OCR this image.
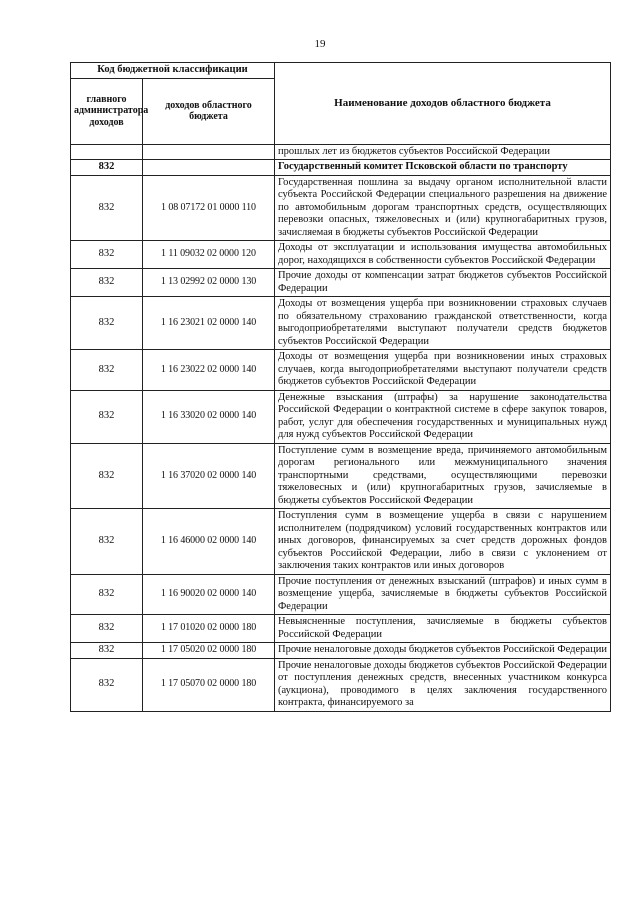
19
Код бюджетной классификации		Наименование доходов областного бюджета
главного администратора доходов	доходов областного бюджета	
		прошлых лет из бюджетов субъектов Российской Федерации
832		Государственный комитет Псковской области по транспорту
832	1 08 07172 01 0000 110	Государственная пошлина за выдачу органом исполнительной власти субъекта Российской Федерации специального разрешения на движение по автомобильным дорогам транспортных средств, осуществляющих перевозки опасных, тяжеловесных и (или) крупногабаритных грузов, зачисляемая в бюджеты субъектов Российской Федерации
832	1 11 09032 02 0000 120	Доходы от эксплуатации и использования имущества автомобильных дорог, находящихся в собственности субъектов Российской Федерации
832	1 13 02992 02 0000 130	Прочие доходы от компенсации затрат бюджетов субъектов Российской Федерации
832	1 16 23021 02 0000 140	Доходы от возмещения ущерба при возникновении страховых случаев по обязательному страхованию гражданской ответственности, когда выгодоприобретателями выступают получатели средств бюджетов субъектов Российской Федерации
832	1 16 23022 02 0000 140	Доходы от возмещения ущерба при возникновении иных страховых случаев, когда выгодоприобретателями выступают получатели средств бюджетов субъектов Российской Федерации
832	1 16 33020 02 0000 140	Денежные взыскания (штрафы) за нарушение законодательства Российской Федерации о контрактной системе в сфере закупок товаров, работ, услуг для обеспечения государственных и муниципальных нужд для нужд субъектов Российской Федерации
832	1 16 37020 02 0000 140	Поступление сумм в возмещение вреда, причиняемого автомобильным дорогам регионального или межмуниципального значения транспортными средствами, осуществляющими перевозки тяжеловесных и (или) крупногабаритных грузов, зачисляемые в бюджеты субъектов Российской Федерации
832	1 16 46000 02 0000 140	Поступления сумм в возмещение ущерба в связи с нарушением исполнителем (подрядчиком) условий государственных контрактов или иных договоров, финансируемых за счет средств дорожных фондов субъектов Российской Федерации, либо в связи с уклонением от заключения таких контрактов или иных договоров
832	1 16 90020 02 0000 140	Прочие поступления от денежных взысканий (штрафов) и иных сумм в возмещение ущерба, зачисляемые в бюджеты субъектов Российской Федерации
832	1 17 01020 02 0000 180	Невыясненные поступления, зачисляемые в бюджеты субъектов Российской Федерации
832	1 17 05020 02 0000 180	Прочие неналоговые доходы бюджетов субъектов Российской Федерации
832	1 17 05070 02 0000 180	Прочие неналоговые доходы бюджетов субъектов Российской Федерации от поступления денежных средств, внесенных участником конкурса (аукциона), проводимого в целях заключения государственного контракта, финансируемого за
